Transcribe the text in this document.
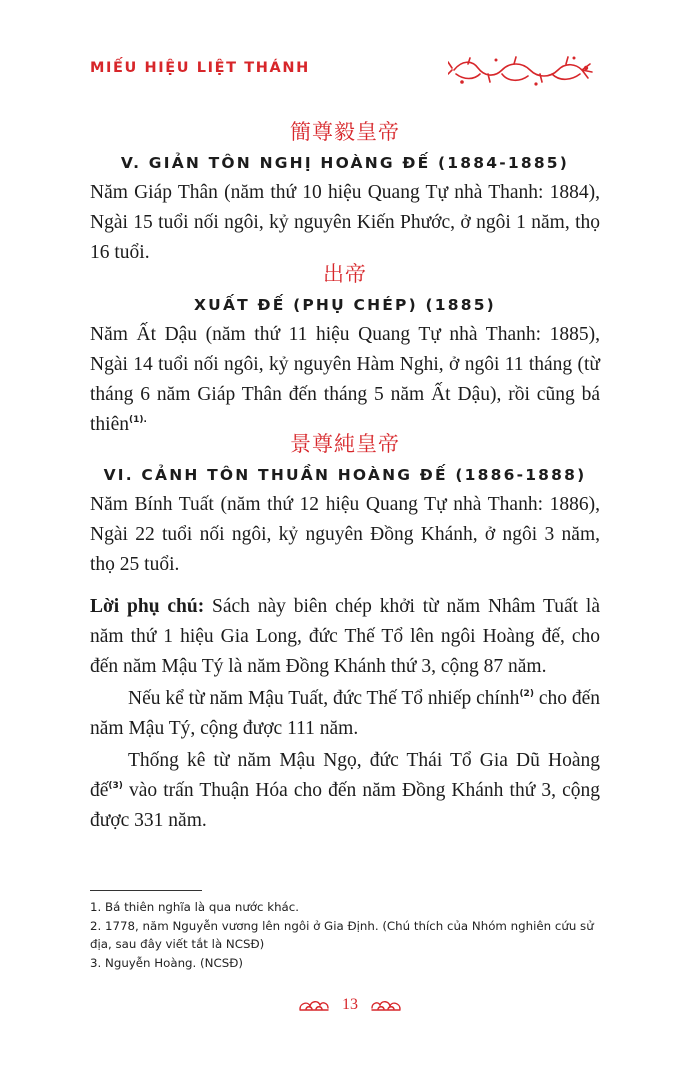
MIẾU HIỆU LIỆT THÁNH
簡尊毅皇帝
V. GIẢN TÔN NGHỊ HOÀNG ĐẾ (1884-1885)

Năm Giáp Thân (năm thứ 10 hiệu Quang Tự nhà Thanh: 1884), Ngài 15 tuổi nối ngôi, kỷ nguyên Kiến Phước, ở ngôi 1 năm, thọ 16 tuổi.

出帝
XUẤT ĐẾ (PHỤ CHÉP) (1885)

Năm Ất Dậu (năm thứ 11 hiệu Quang Tự nhà Thanh: 1885), Ngài 14 tuổi nối ngôi, kỷ nguyên Hàm Nghi, ở ngôi 11 tháng (từ tháng 6 năm Giáp Thân đến tháng 5 năm Ất Dậu), rồi cũng bá thiên$^{(1).}$

景尊純皇帝
VI. CẢNH TÔN THUẦN HOÀNG ĐẾ (1886-1888)

Năm Bính Tuất (năm thứ 12 hiệu Quang Tự nhà Thanh: 1886), Ngài 22 tuổi nối ngôi, kỷ nguyên Đồng Khánh, ở ngôi 3 năm, thọ 25 tuổi.

Lời phụ chú: Sách này biên chép khởi từ năm Nhâm Tuất là năm thứ 1 hiệu Gia Long, đức Thế Tổ lên ngôi Hoàng đế, cho đến năm Mậu Tý là năm Đồng Khánh thứ 3, cộng 87 năm.

Nếu kể từ năm Mậu Tuất, đức Thế Tổ nhiếp chính$^{(2)}$ cho đến năm Mậu Tý, cộng được 111 năm.

Thống kê từ năm Mậu Ngọ, đức Thái Tổ Gia Dũ Hoàng đế$^{(3)}$ vào trấn Thuận Hóa cho đến năm Đồng Khánh thứ 3, cộng được 331 năm.

1. Bá thiên nghĩa là qua nước khác.

2. 1778, năm Nguyễn vương lên ngôi ở Gia Định. (Chú thích của Nhóm nghiên cứu sử địa, sau đây viết tắt là NCSĐ)

3. Nguyễn Hoàng. (NCSĐ)

13
